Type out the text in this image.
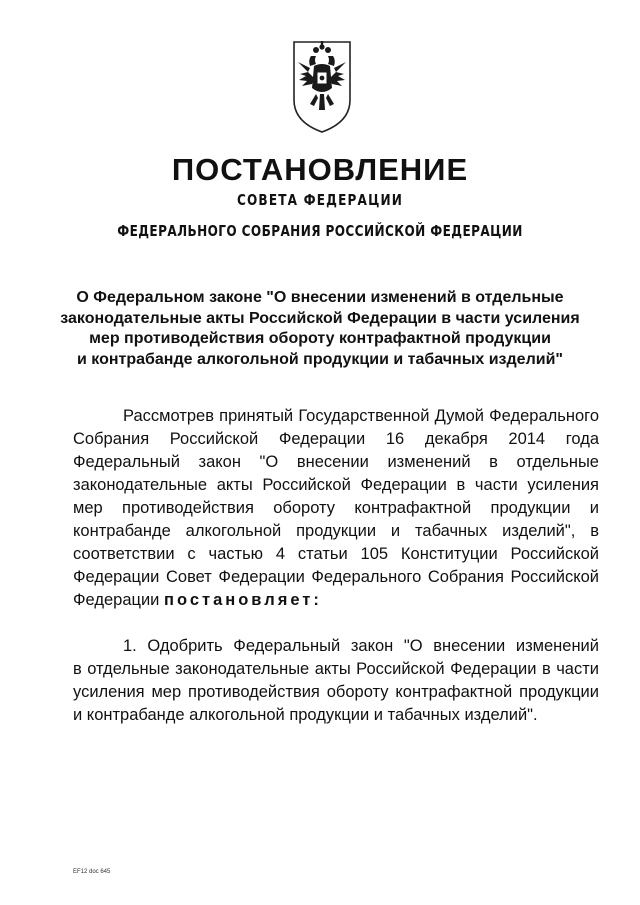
ПОСТАНОВЛЕНИЕ
СОВЕТА ФЕДЕРАЦИИ
ФЕДЕРАЛЬНОГО СОБРАНИЯ РОССИЙСКОЙ ФЕДЕРАЦИИ
О Федеральном законе "О внесении изменений в отдельные
законодательные акты Российской Федерации в части усиления
мер противодействия обороту контрафактной продукции
и контрабанде алкогольной продукции и табачных изделий"
Рассмотрев принятый Государственной Думой Федерального
Собрания Российской Федерации 16 декабря 2014 года
Федеральный закон "О внесении изменений в отдельные
законодательные акты Российской Федерации в части усиления
мер противодействия обороту контрафактной продукции и
контрабанде алкогольной продукции и табачных изделий", в
соответствии с частью 4 статьи 105 Конституции Российской
Федерации Совет Федерации Федерального Собрания Российской
Федерации постановляет:
1. Одобрить Федеральный закон "О внесении изменений
в отдельные законодательные акты Российской Федерации в части
усиления мер противодействия обороту контрафактной продукции
и контрабанде алкогольной продукции и табачных изделий".
EF12 doc 645
